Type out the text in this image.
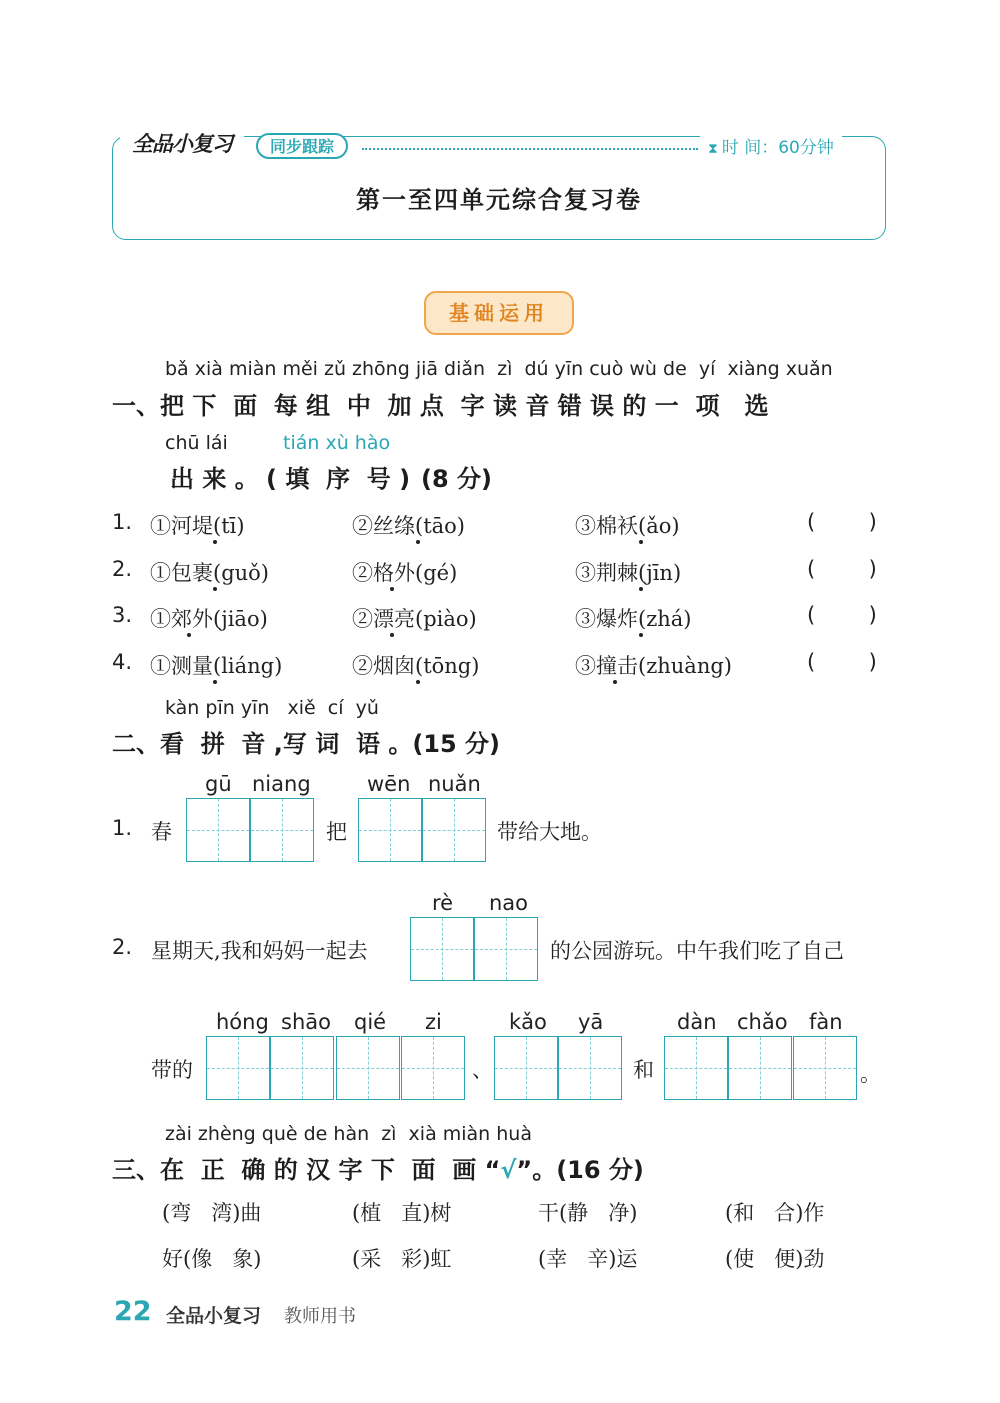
全品小复习	同步跟踪	⧗ 时 间：60分钟
第一至四单元综合复习卷
基础运用
bǎ xià miàn měi zǔ zhōng jiā diǎn  zì  dú yīn cuò wù de  yí  xiàng xuǎn
一、把 下  面  每 组  中  加 点  字 读 音 错 误 的 一  项   选
chū lái	tián xù hào
出 来 。 ( 填  序  号 ) (8 分)
1. ①河堤(tī)	②丝绦(tāo)	③棉袄(ǎo)	(        )
2. ①包裹(guǒ)	②格外(gé)	③荆棘(jīn)	(        )
3. ①郊外(jiāo)	②漂亮(piào)	③爆炸(zhá)	(        )
4. ①测量(liáng)	②烟囱(tōng)	③撞击(zhuàng)	(        )
kàn pīn yīn   xiě  cí  yǔ
二、看  拼  音 ,写 词  语 。(15 分)
gū niang	wēn nuǎn
1. 春	把	带给大地。
rè nao
2. 星期天,我和妈妈一起去	的公园游玩。中午我们吃了自己
hóng shāo qié zi	kǎo yā	dàn chǎo fàn
带的	、	和	。
zài zhèng què de hàn  zì  xià miàn huà
三、在  正  确 的 汉 字 下  面  画 “√”。(16 分)
(弯   湾)曲	(植   直)树	干(静   净)	(和   合)作
好(像   象)	(采   彩)虹	(幸   辛)运	(使   便)劲
22 全品小复习 教师用书
